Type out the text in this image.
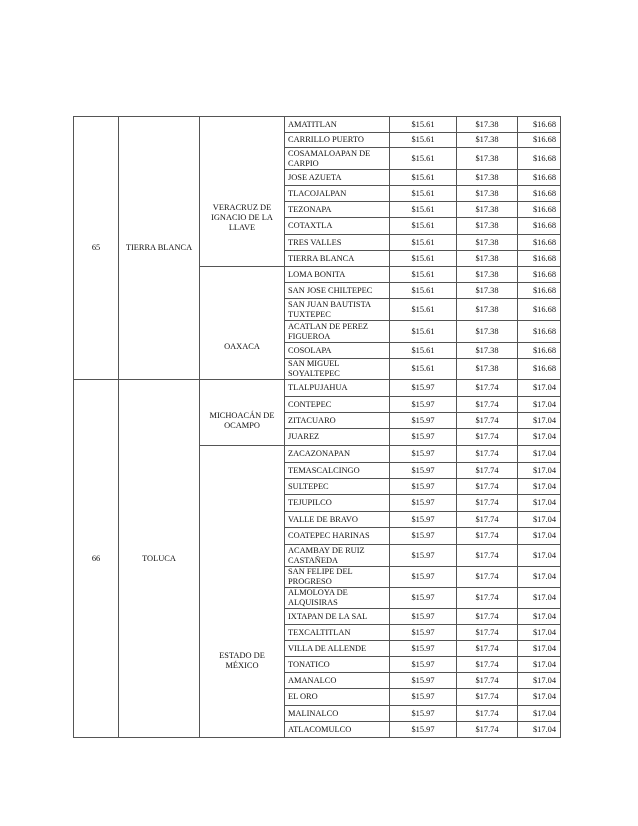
65	TIERRA BLANCA	VERACRUZ DE IGNACIO DE LA LLAVE	AMATITLAN	$15.61	$17.38	$16.68
			CARRILLO PUERTO	$15.61	$17.38	$16.68
			COSAMALOAPAN DE CARPIO	$15.61	$17.38	$16.68
			JOSE AZUETA	$15.61	$17.38	$16.68
			TLACOJALPAN	$15.61	$17.38	$16.68
			TEZONAPA	$15.61	$17.38	$16.68
			COTAXTLA	$15.61	$17.38	$16.68
			TRES VALLES	$15.61	$17.38	$16.68
			TIERRA BLANCA	$15.61	$17.38	$16.68
		OAXACA	LOMA BONITA	$15.61	$17.38	$16.68
			SAN JOSE CHILTEPEC	$15.61	$17.38	$16.68
			SAN JUAN BAUTISTA TUXTEPEC	$15.61	$17.38	$16.68
			ACATLAN DE PEREZ FIGUEROA	$15.61	$17.38	$16.68
			COSOLAPA	$15.61	$17.38	$16.68
			SAN MIGUEL SOYALTEPEC	$15.61	$17.38	$16.68
66	TOLUCA	MICHOACÁN DE OCAMPO	TLALPUJAHUA	$15.97	$17.74	$17.04
			CONTEPEC	$15.97	$17.74	$17.04
			ZITACUARO	$15.97	$17.74	$17.04
			JUAREZ	$15.97	$17.74	$17.04
		ESTADO DE MÉXICO	ZACAZONAPAN	$15.97	$17.74	$17.04
			TEMASCALCINGO	$15.97	$17.74	$17.04
			SULTEPEC	$15.97	$17.74	$17.04
			TEJUPILCO	$15.97	$17.74	$17.04
			VALLE DE BRAVO	$15.97	$17.74	$17.04
			COATEPEC HARINAS	$15.97	$17.74	$17.04
			ACAMBAY DE RUIZ CASTAÑEDA	$15.97	$17.74	$17.04
			SAN FELIPE DEL PROGRESO	$15.97	$17.74	$17.04
			ALMOLOYA DE ALQUISIRAS	$15.97	$17.74	$17.04
			IXTAPAN DE LA SAL	$15.97	$17.74	$17.04
			TEXCALTITLAN	$15.97	$17.74	$17.04
			VILLA DE ALLENDE	$15.97	$17.74	$17.04
			TONATICO	$15.97	$17.74	$17.04
			AMANALCO	$15.97	$17.74	$17.04
			EL ORO	$15.97	$17.74	$17.04
			MALINALCO	$15.97	$17.74	$17.04
			ATLACOMULCO	$15.97	$17.74	$17.04
